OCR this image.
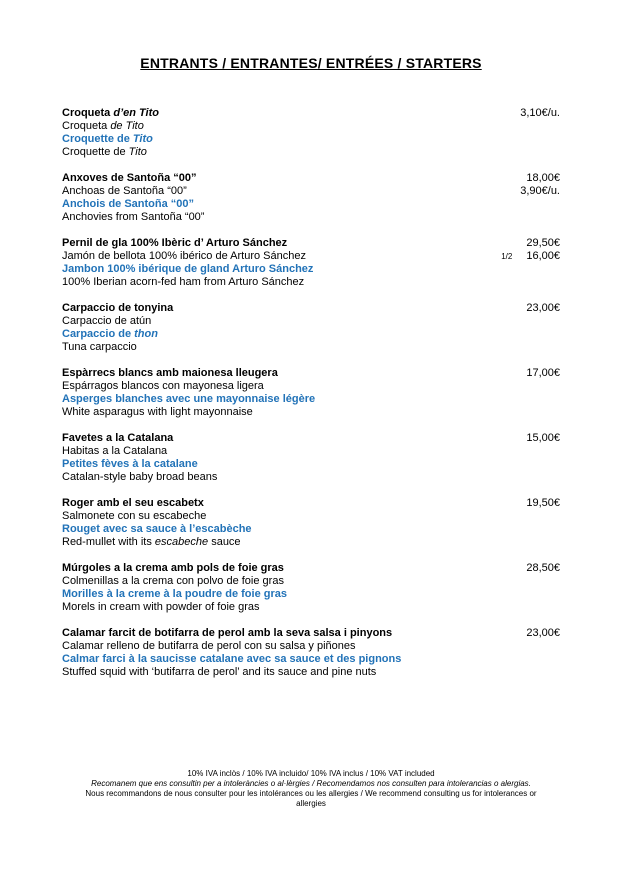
ENTRANTS / ENTRANTES/ ENTRÉES / STARTERS
Croqueta d’en Tito
Croqueta de Tito
Croquette de Tito
Croquette de Tito
3,10€/u.
Anxoves de Santoña “00”
Anchoas de Santoña “00”
Anchois de Santoña “00”
Anchovies from Santoña “00”
18,00€
3,90€/u.
Pernil de gla 100% Ibèric d’ Arturo Sánchez
Jamón de bellota 100% ibérico de Arturo Sánchez
Jambon 100% ibérique de gland Arturo Sánchez
100% Iberian acorn-fed ham from Arturo Sánchez
29,50€
1/2 16,00€
Carpaccio de tonyina
Carpaccio de atún
Carpaccio de thon
Tuna carpaccio
23,00€
Espàrrecs blancs amb maionesa lleugera
Espárragos blancos con mayonesa ligera
Asperges blanches avec une mayonnaise légère
White asparagus with light mayonnaise
17,00€
Favetes a la Catalana
Habitas a la Catalana
Petites fèves à la catalane
Catalan-style baby broad beans
15,00€
Roger amb el seu escabetx
Salmonete con su escabeche
Rouget avec sa sauce à l’escabèche
Red-mullet with its escabeche sauce
19,50€
Múrgoles a la crema amb pols de foie gras
Colmenillas a la crema con polvo de foie gras
Morilles à la creme à la poudre de foie gras
Morels in cream with powder of foie gras
28,50€
Calamar farcit de botifarra de perol amb la seva salsa i pinyons
Calamar relleno de butifarra de perol con su salsa y piñones
Calmar farci à la saucisse catalane avec sa sauce et des pignons
Stuffed squid with ‘butifarra de perol’ and its sauce and pine nuts
23,00€
10% IVA inclòs / 10% IVA incluido/ 10% IVA inclus / 10% VAT included
Recomanem que ens consultin per a intoleràncies o al·lèrgies / Recomendamos nos consulten para intolerancias o alergias.
Nous recommandons de nous consulter pour les intolérances ou les allergies / We recommend consulting us for intolerances or
allergies
